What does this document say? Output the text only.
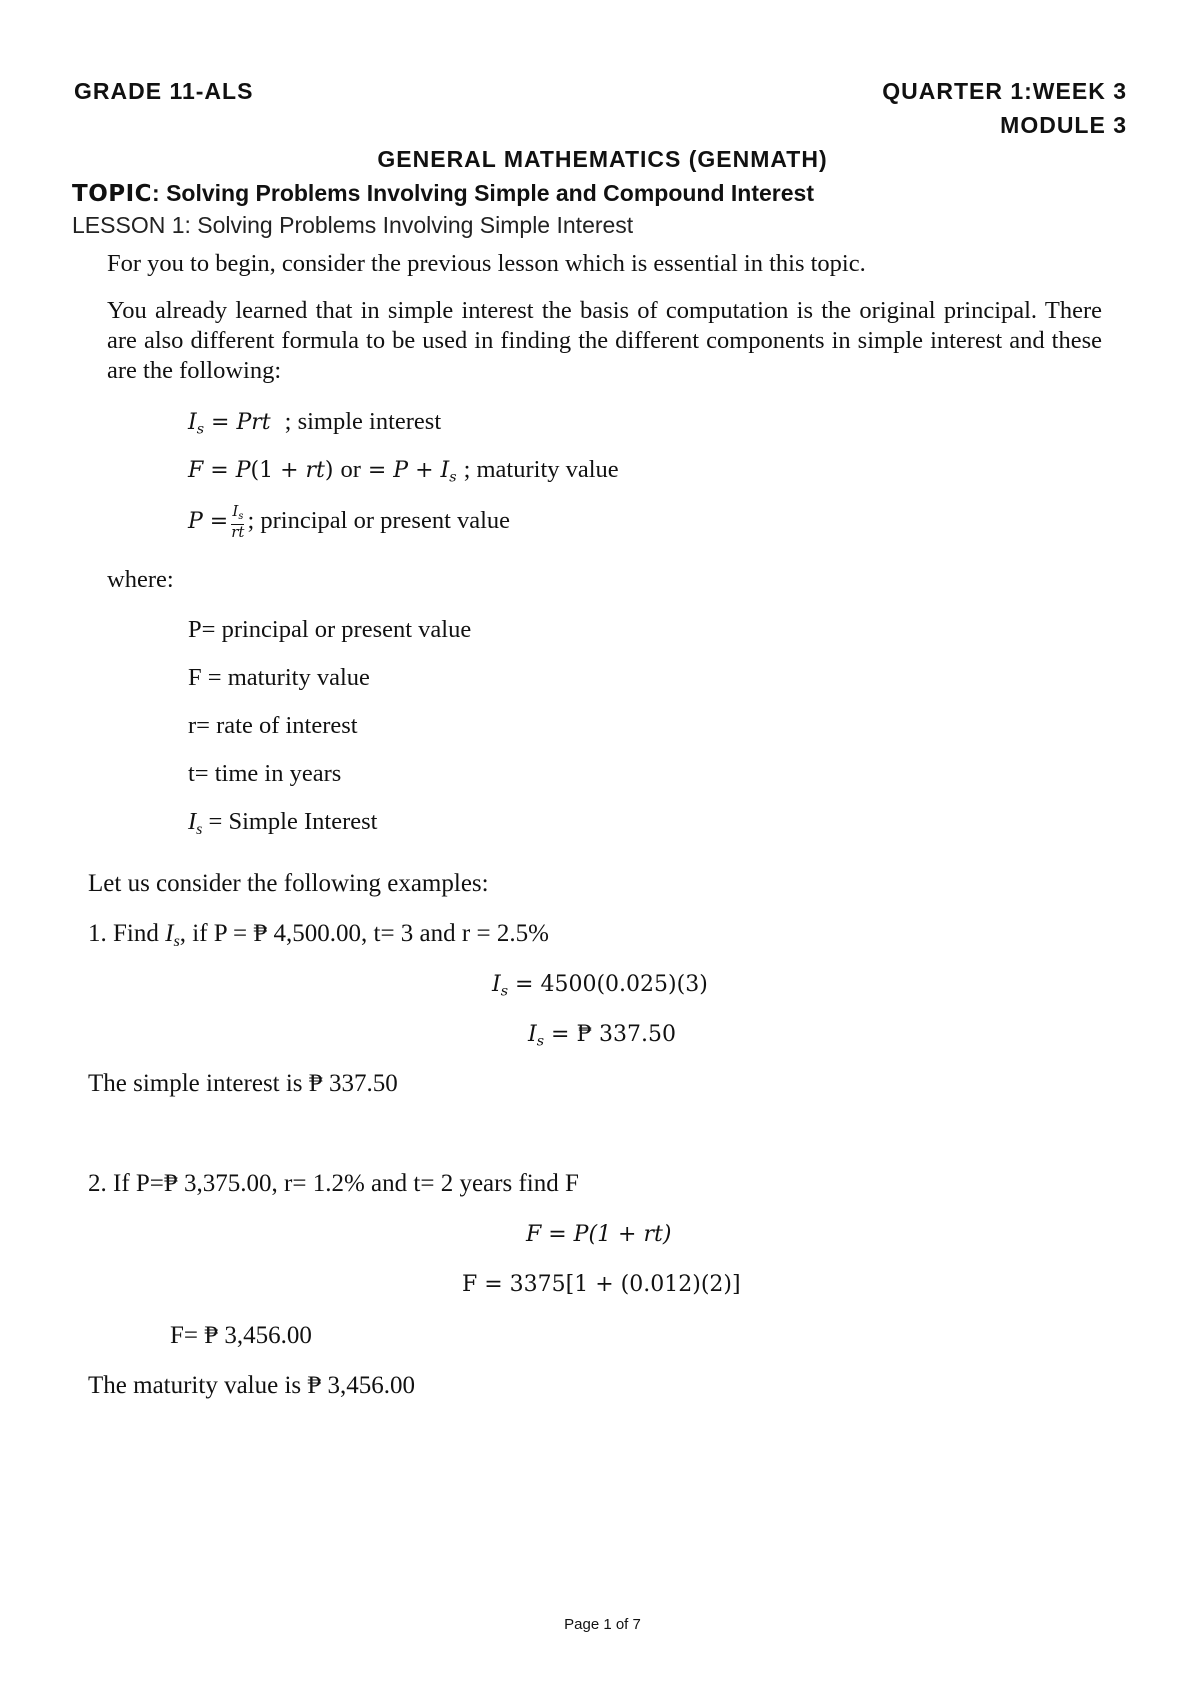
GRADE 11-ALS	QUARTER 1:WEEK 3
MODULE 3
GENERAL MATHEMATICS (GENMATH)
TOPIC: Solving Problems Involving Simple and Compound Interest
LESSON 1: Solving Problems Involving Simple Interest
For you to begin, consider the previous lesson which is essential in this topic.
You already learned that in simple interest the basis of computation is the original principal. There are also different formula to be used in finding the different components in simple interest and these are the following:
$I_s$ = Prt ; simple interest
F = P(1 + rt) or = $P + I_s$ ; maturity value
$P = \frac{I_s}{rt}$ ; principal or present value
where:
P= principal or present value
F = maturity value
r= rate of interest
t= time in years
$I_s$ = Simple Interest
Let us consider the following examples:
1. Find $I_s$, if P = ₱ 4,500.00, t= 3 and r = 2.5%
$I_s = 4500(0.025)(3)$
$I_s$ = ₱ 337.50
The simple interest is ₱ 337.50
2. If P=₱ 3,375.00, r= 1.2% and t= 2 years find F
F = P(1 + rt)
F = 3375[1 + (0.012)(2)]
F= ₱ 3,456.00
The maturity value is ₱ 3,456.00
Page 1 of 7
